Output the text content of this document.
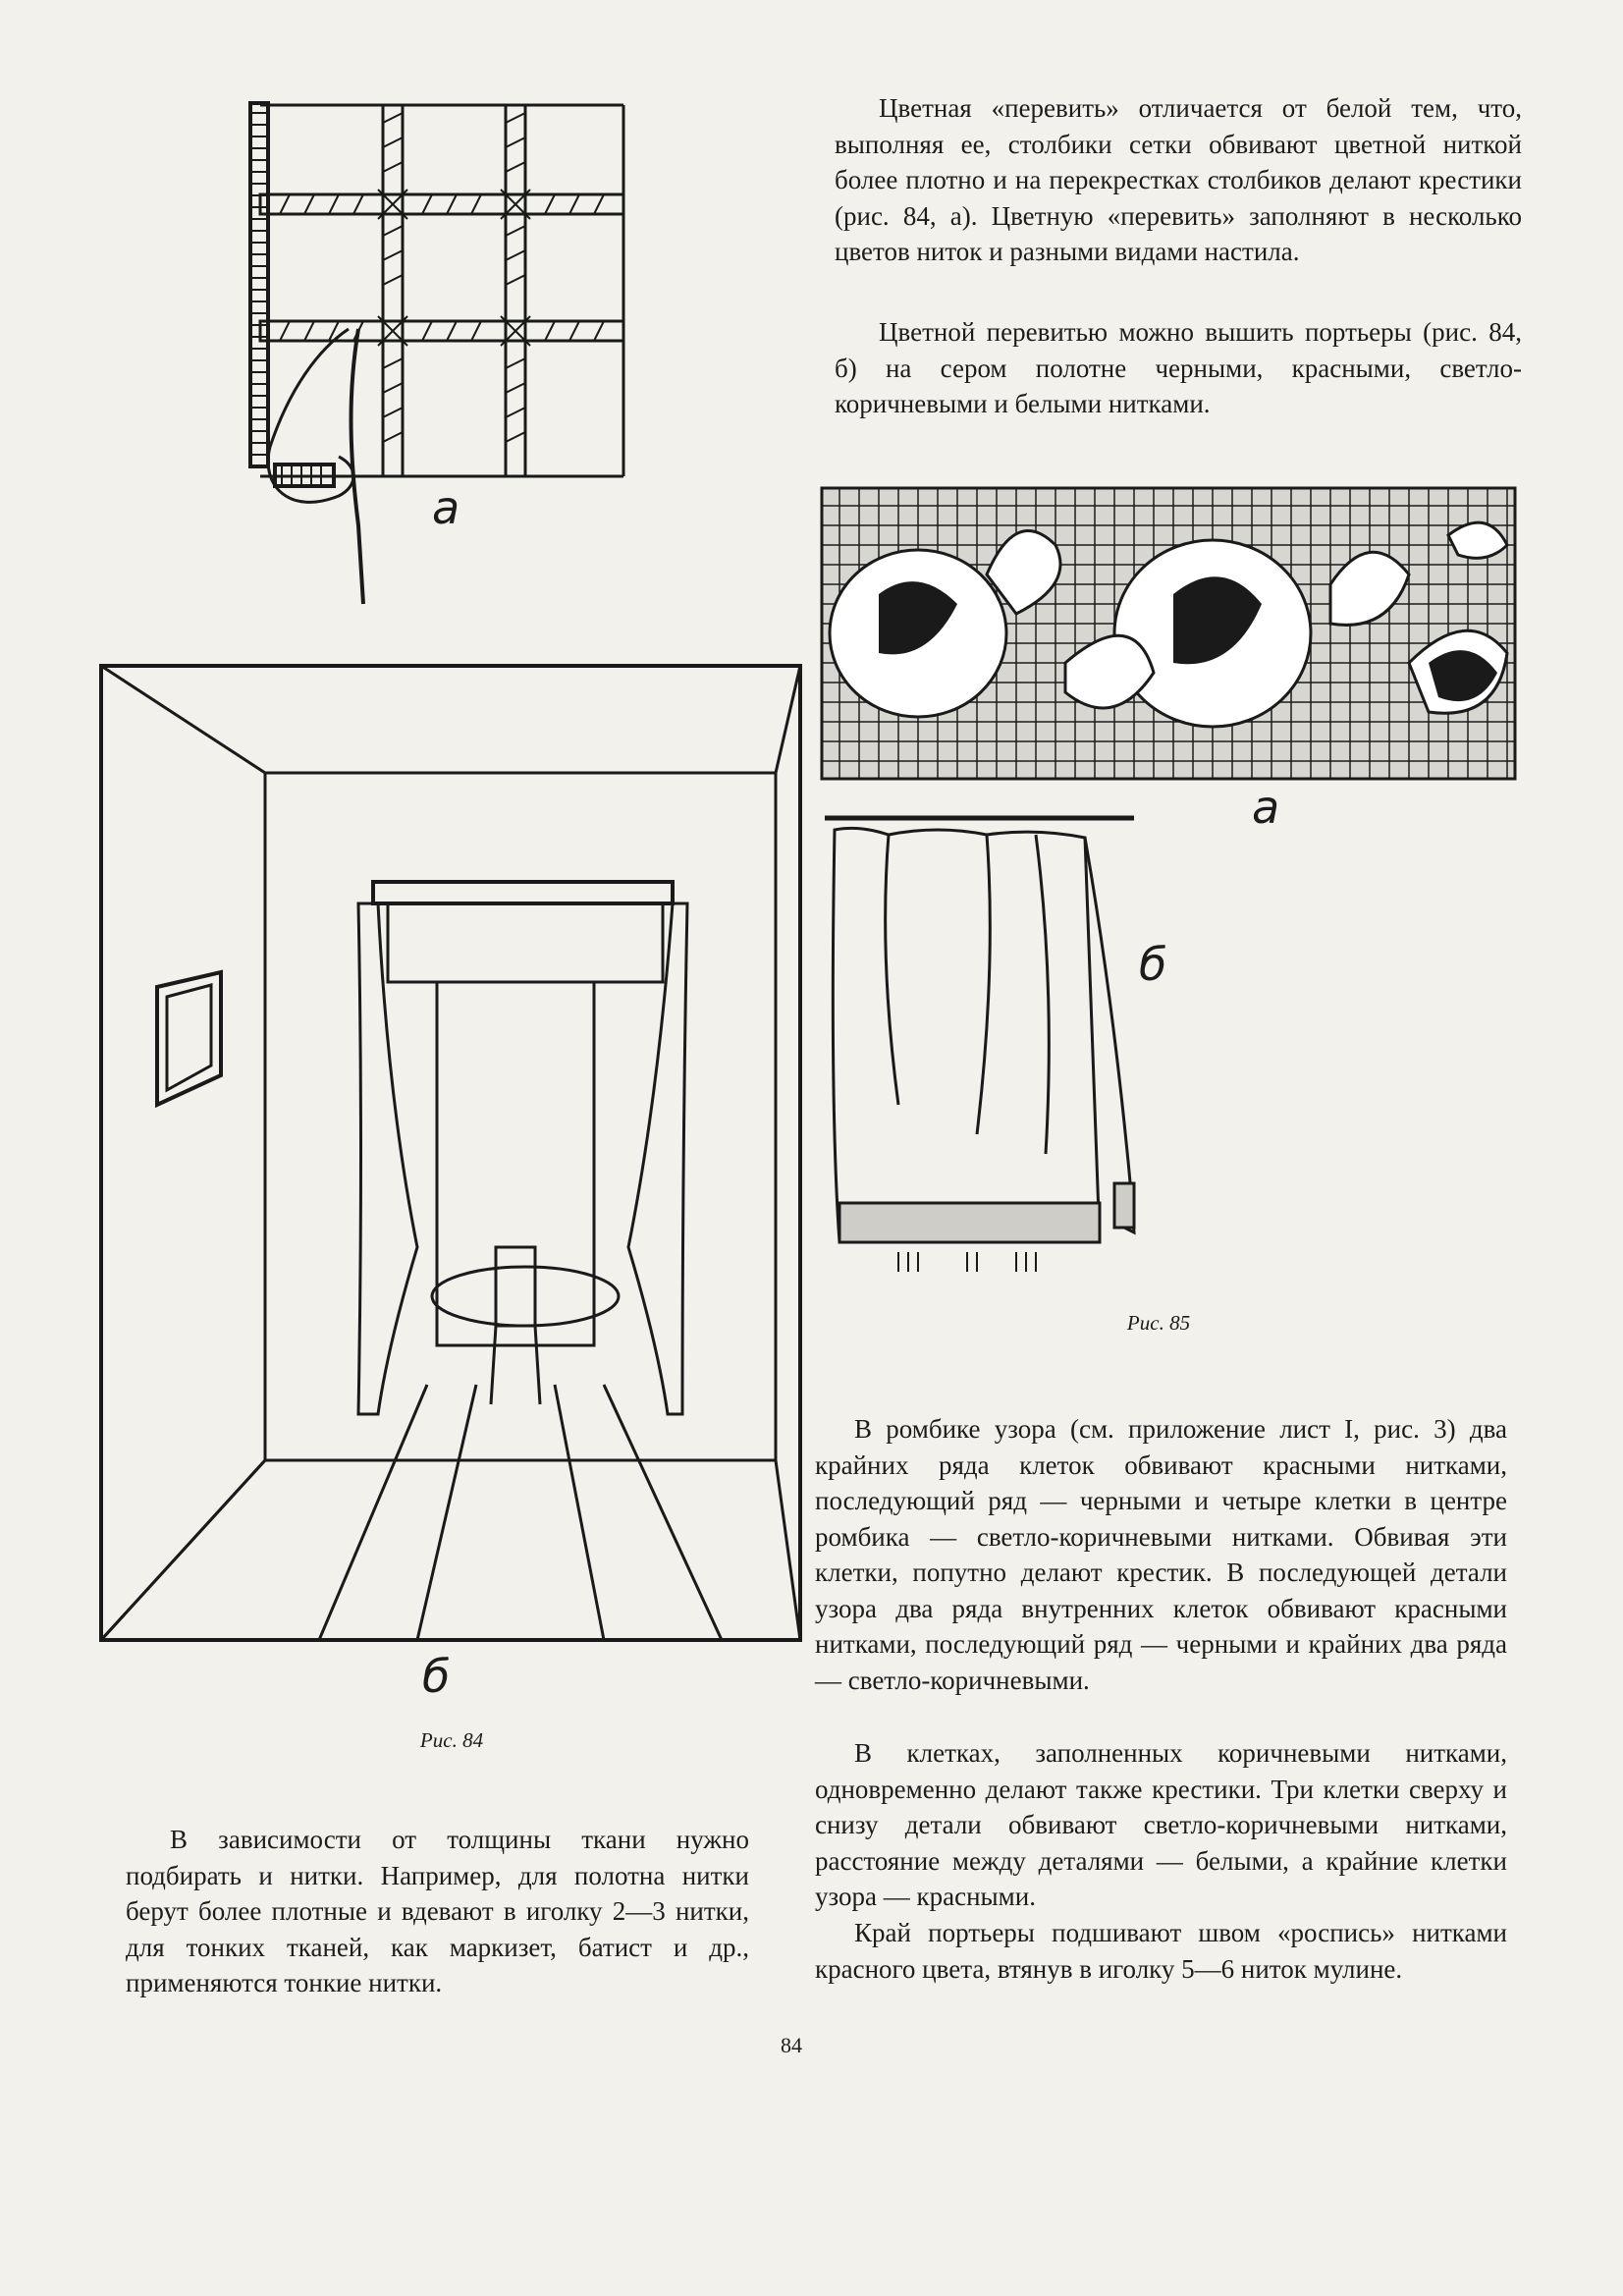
а
б
Рис. 84

В зависимости от толщины ткани нужно подбирать и нитки. Например, для полотна нитки берут более плотные и вдевают в иголку 2—3 нитки, для тонких тканей, как маркизет, батист и др., применяются тонкие нитки.

Цветная «перевить» отличается от белой тем, что, выполняя ее, столбики сетки обвивают цветной ниткой более плотно и на перекрестках столбиков делают крестики (рис. 84, а). Цветную «перевить» заполняют в несколько цветов ниток и разными видами настила.

Цветной перевитью можно вышить портьеры (рис. 84, б) на сером полотне черными, красными, светло-коричневыми и белыми нитками.

а
б
Рис. 85

В ромбике узора (см. приложение лист I, рис. 3) два крайних ряда клеток обвивают красными нитками, последующий ряд — черными и четыре клетки в центре ромбика — светло-коричневыми нитками. Обвивая эти клетки, попутно делают крестик. В последующей детали узора два ряда внутренних клеток обвивают красными нитками, последующий ряд — черными и крайних два ряда — светло-коричневыми.

В клетках, заполненных коричневыми нитками, одновременно делают также крестики. Три клетки сверху и снизу детали обвивают светло-коричневыми нитками, расстояние между деталями — белыми, а крайние клетки узора — красными.

Край портьеры подшивают швом «роспись» нитками красного цвета, втянув в иголку 5—6 ниток мулине.

84
